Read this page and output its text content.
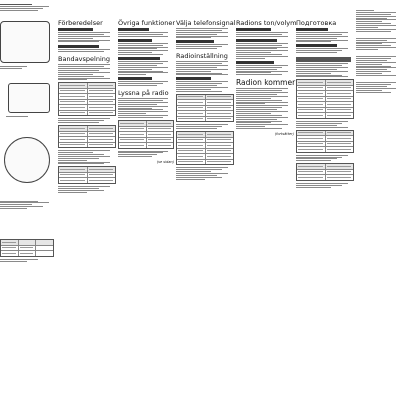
Förberedelser
Bandavspelning
Övriga funktioner
Lyssna på radio
(se sidan)
Välja telefonsignal
Radioinställning
Radions ton/volym
Radion kommer
(fortsätter)
Подготовка
